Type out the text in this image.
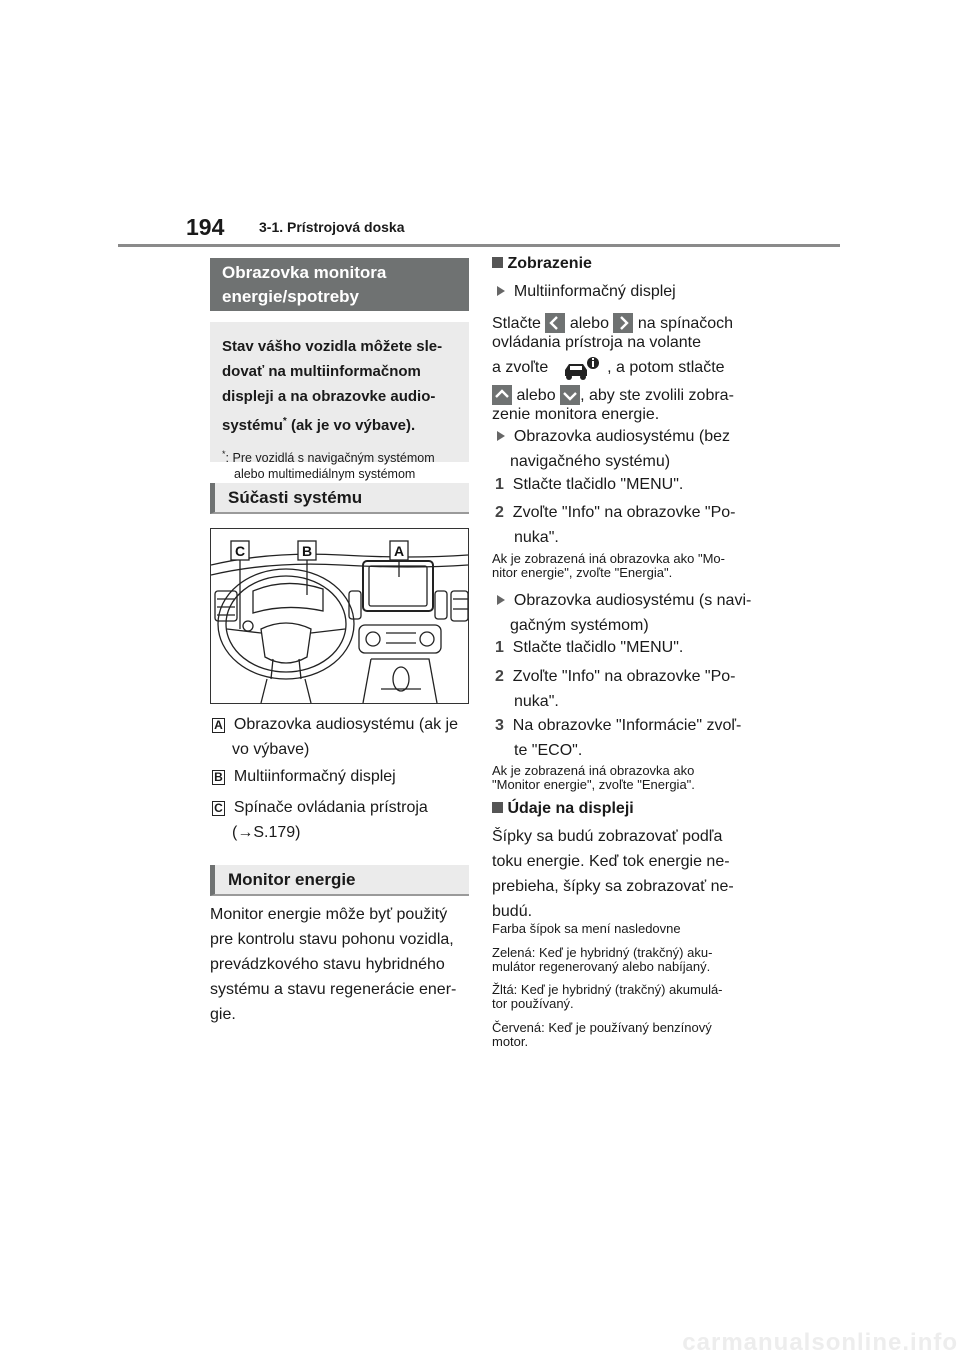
194 3-1. Prístrojová doska
Obrazovka monitora
energie/spotreby
Stav vášho vozidla môžete sle-
dovať na multiinformačnom
displeji a na obrazovke audio-
systému* (ak je vo výbave).
*: Pre vozidlá s navigačným systémom
alebo multimediálnym systémom
Súčasti systému
C	B	A
A Obrazovka audiosystému (ak je
vo výbave)
B Multiinformačný displej
C Spínače ovládania prístroja
(→S.179)
Monitor energie
Monitor energie môže byť použitý
pre kontrolu stavu pohonu vozidla,
prevádzkového stavu hybridného
systému a stavu regenerácie ener-
gie.
Zobrazenie
Multiinformačný displej
Stlačte alebo na spínačoch
ovládania prístroja na volante
a zvoľte	, a potom stlačte
alebo , aby ste zvolili zobra-
zenie monitora energie.
Obrazovka audiosystému (bez
navigačného systému)
1 Stlačte tlačidlo "MENU".
2 Zvoľte "Info" na obrazovke "Po-
nuka".
Ak je zobrazená iná obrazovka ako "Mo-
nitor energie", zvoľte "Energia".
Obrazovka audiosystému (s navi-
gačným systémom)
1 Stlačte tlačidlo "MENU".
2 Zvoľte "Info" na obrazovke "Po-
nuka".
3 Na obrazovke "Informácie" zvoľ-
te "ECO".
Ak je zobrazená iná obrazovka ako
"Monitor energie", zvoľte "Energia".
Údaje na displeji
Šípky sa budú zobrazovať podľa
toku energie. Keď tok energie ne-
prebieha, šípky sa zobrazovať ne-
budú.
Farba šípok sa mení nasledovne
Zelená: Keď je hybridný (trakčný) aku-
mulátor regenerovaný alebo nabíjaný.
Žltá: Keď je hybridný (trakčný) akumulá-
tor používaný.
Červená: Keď je používaný benzínový
motor.
carmanualsonline.info
